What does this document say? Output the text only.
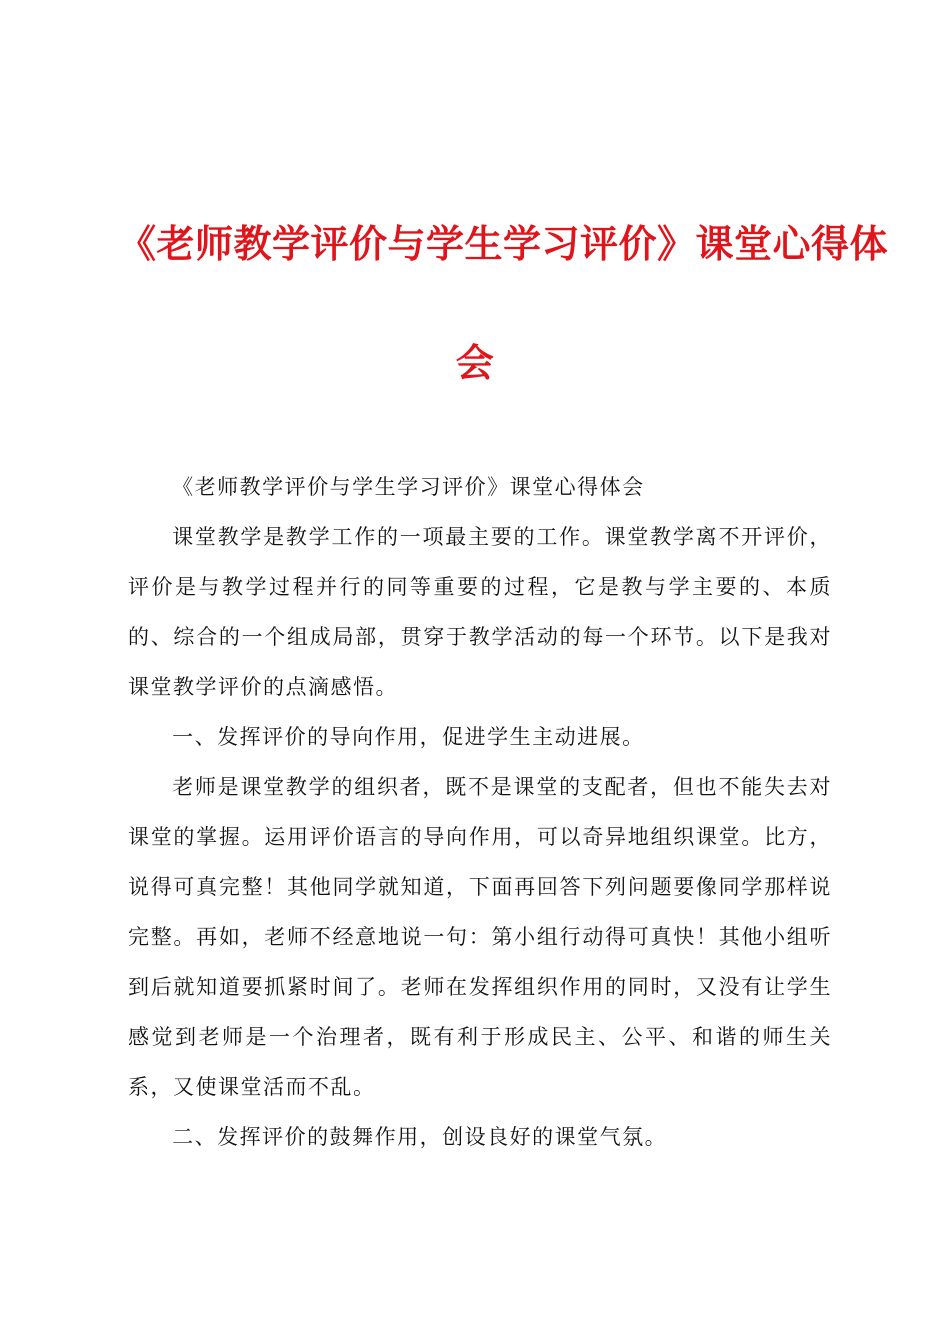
《老师教学评价与学生学习评价》课堂心得体
会

《老师教学评价与学生学习评价》课堂心得体会

课堂教学是教学工作的一项最主要的工作。课堂教学离不开评价，评价是与教学过程并行的同等重要的过程，它是教与学主要的、本质的、综合的一个组成局部，贯穿于教学活动的每一个环节。以下是我对课堂教学评价的点滴感悟。

一、发挥评价的导向作用，促进学生主动进展。

老师是课堂教学的组织者，既不是课堂的支配者，但也不能失去对课堂的掌握。运用评价语言的导向作用，可以奇异地组织课堂。比方，说得可真完整！其他同学就知道，下面再回答下列问题要像同学那样说完整。再如，老师不经意地说一句：第小组行动得可真快！其他小组听到后就知道要抓紧时间了。老师在发挥组织作用的同时，又没有让学生感觉到老师是一个治理者，既有利于形成民主、公平、和谐的师生关系，又使课堂活而不乱。

二、发挥评价的鼓舞作用，创设良好的课堂气氛。
